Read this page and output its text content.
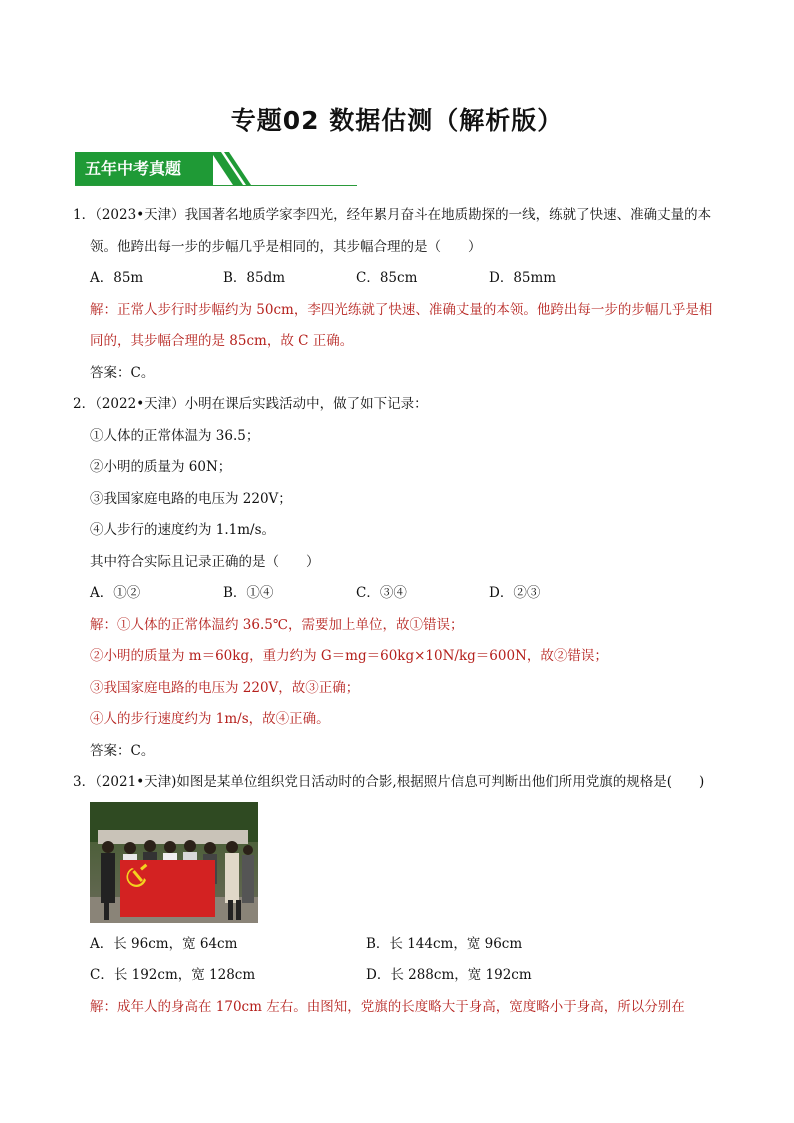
专题02 数据估测（解析版）
五年中考真题
1．（2023•天津）我国著名地质学家李四光，经年累月奋斗在地质勘探的一线，练就了快速、准确丈量的本
领。他跨出每一步的步幅几乎是相同的，其步幅合理的是（　　）
A．85m	B．85dm	C．85cm	D．85mm
解：正常人步行时步幅约为 50cm，李四光练就了快速、准确丈量的本领。他跨出每一步的步幅几乎是相
同的，其步幅合理的是 85cm，故 C 正确。
答案：C。
2．（2022•天津）小明在课后实践活动中，做了如下记录：
①人体的正常体温为 36.5；
②小明的质量为 60N；
③我国家庭电路的电压为 220V；
④人步行的速度约为 1.1m/s。
其中符合实际且记录正确的是（　　）
A．①②	B．①④	C．③④	D．②③
解：①人体的正常体温约 36.5℃，需要加上单位，故①错误；
②小明的质量为 m＝60kg，重力约为 G＝mg＝60kg×10N/kg＝600N，故②错误；
③我国家庭电路的电压为 220V，故③正确；
④人的步行速度约为 1m/s，故④正确。
答案：C。
3．（2021•天津)如图是某单位组织党日活动时的合影,根据照片信息可判断出他们所用党旗的规格是(　　)
A．长 96cm，宽 64cm	B．长 144cm，宽 96cm
C．长 192cm，宽 128cm	D．长 288cm，宽 192cm
解：成年人的身高在 170cm 左右。由图知，党旗的长度略大于身高，宽度略小于身高，所以分别在
